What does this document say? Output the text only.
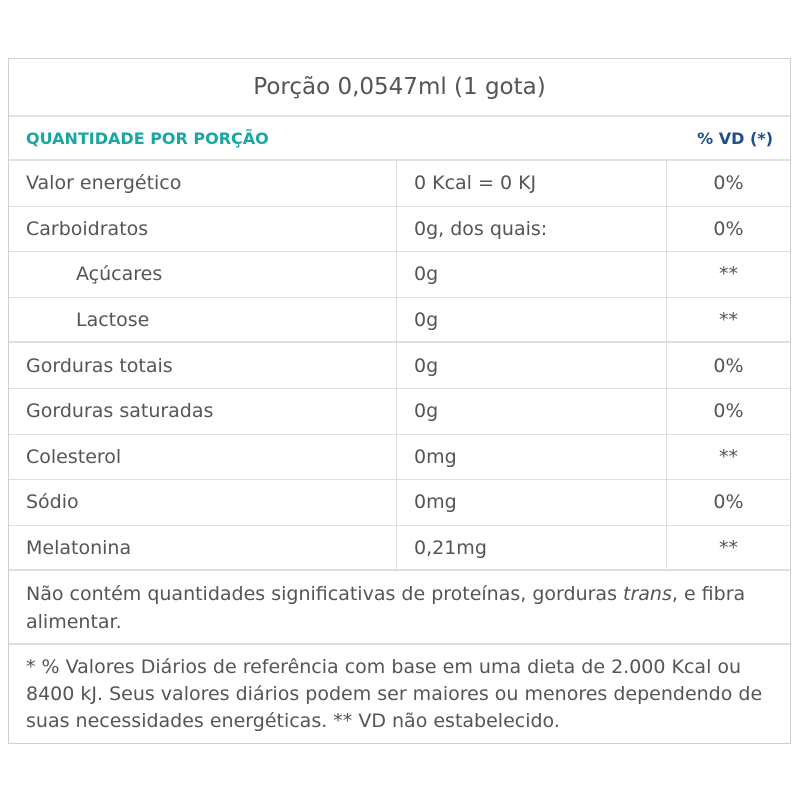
Porção 0,0547ml (1 gota)
QUANTIDADE POR PORÇÃO	% VD (*)
Valor energético	0 Kcal = 0 KJ	0%
Carboidratos	0g, dos quais:	0%
Açúcares	0g	**
Lactose	0g	**
Gorduras totais	0g	0%
Gorduras saturadas	0g	0%
Colesterol	0mg	**
Sódio	0mg	0%
Melatonina	0,21mg	**
Não contém quantidades significativas de proteínas, gorduras trans, e fibra alimentar.
* % Valores Diários de referência com base em uma dieta de 2.000 Kcal ou 8400 kJ. Seus valores diários podem ser maiores ou menores dependendo de suas necessidades energéticas. ** VD não estabelecido.
